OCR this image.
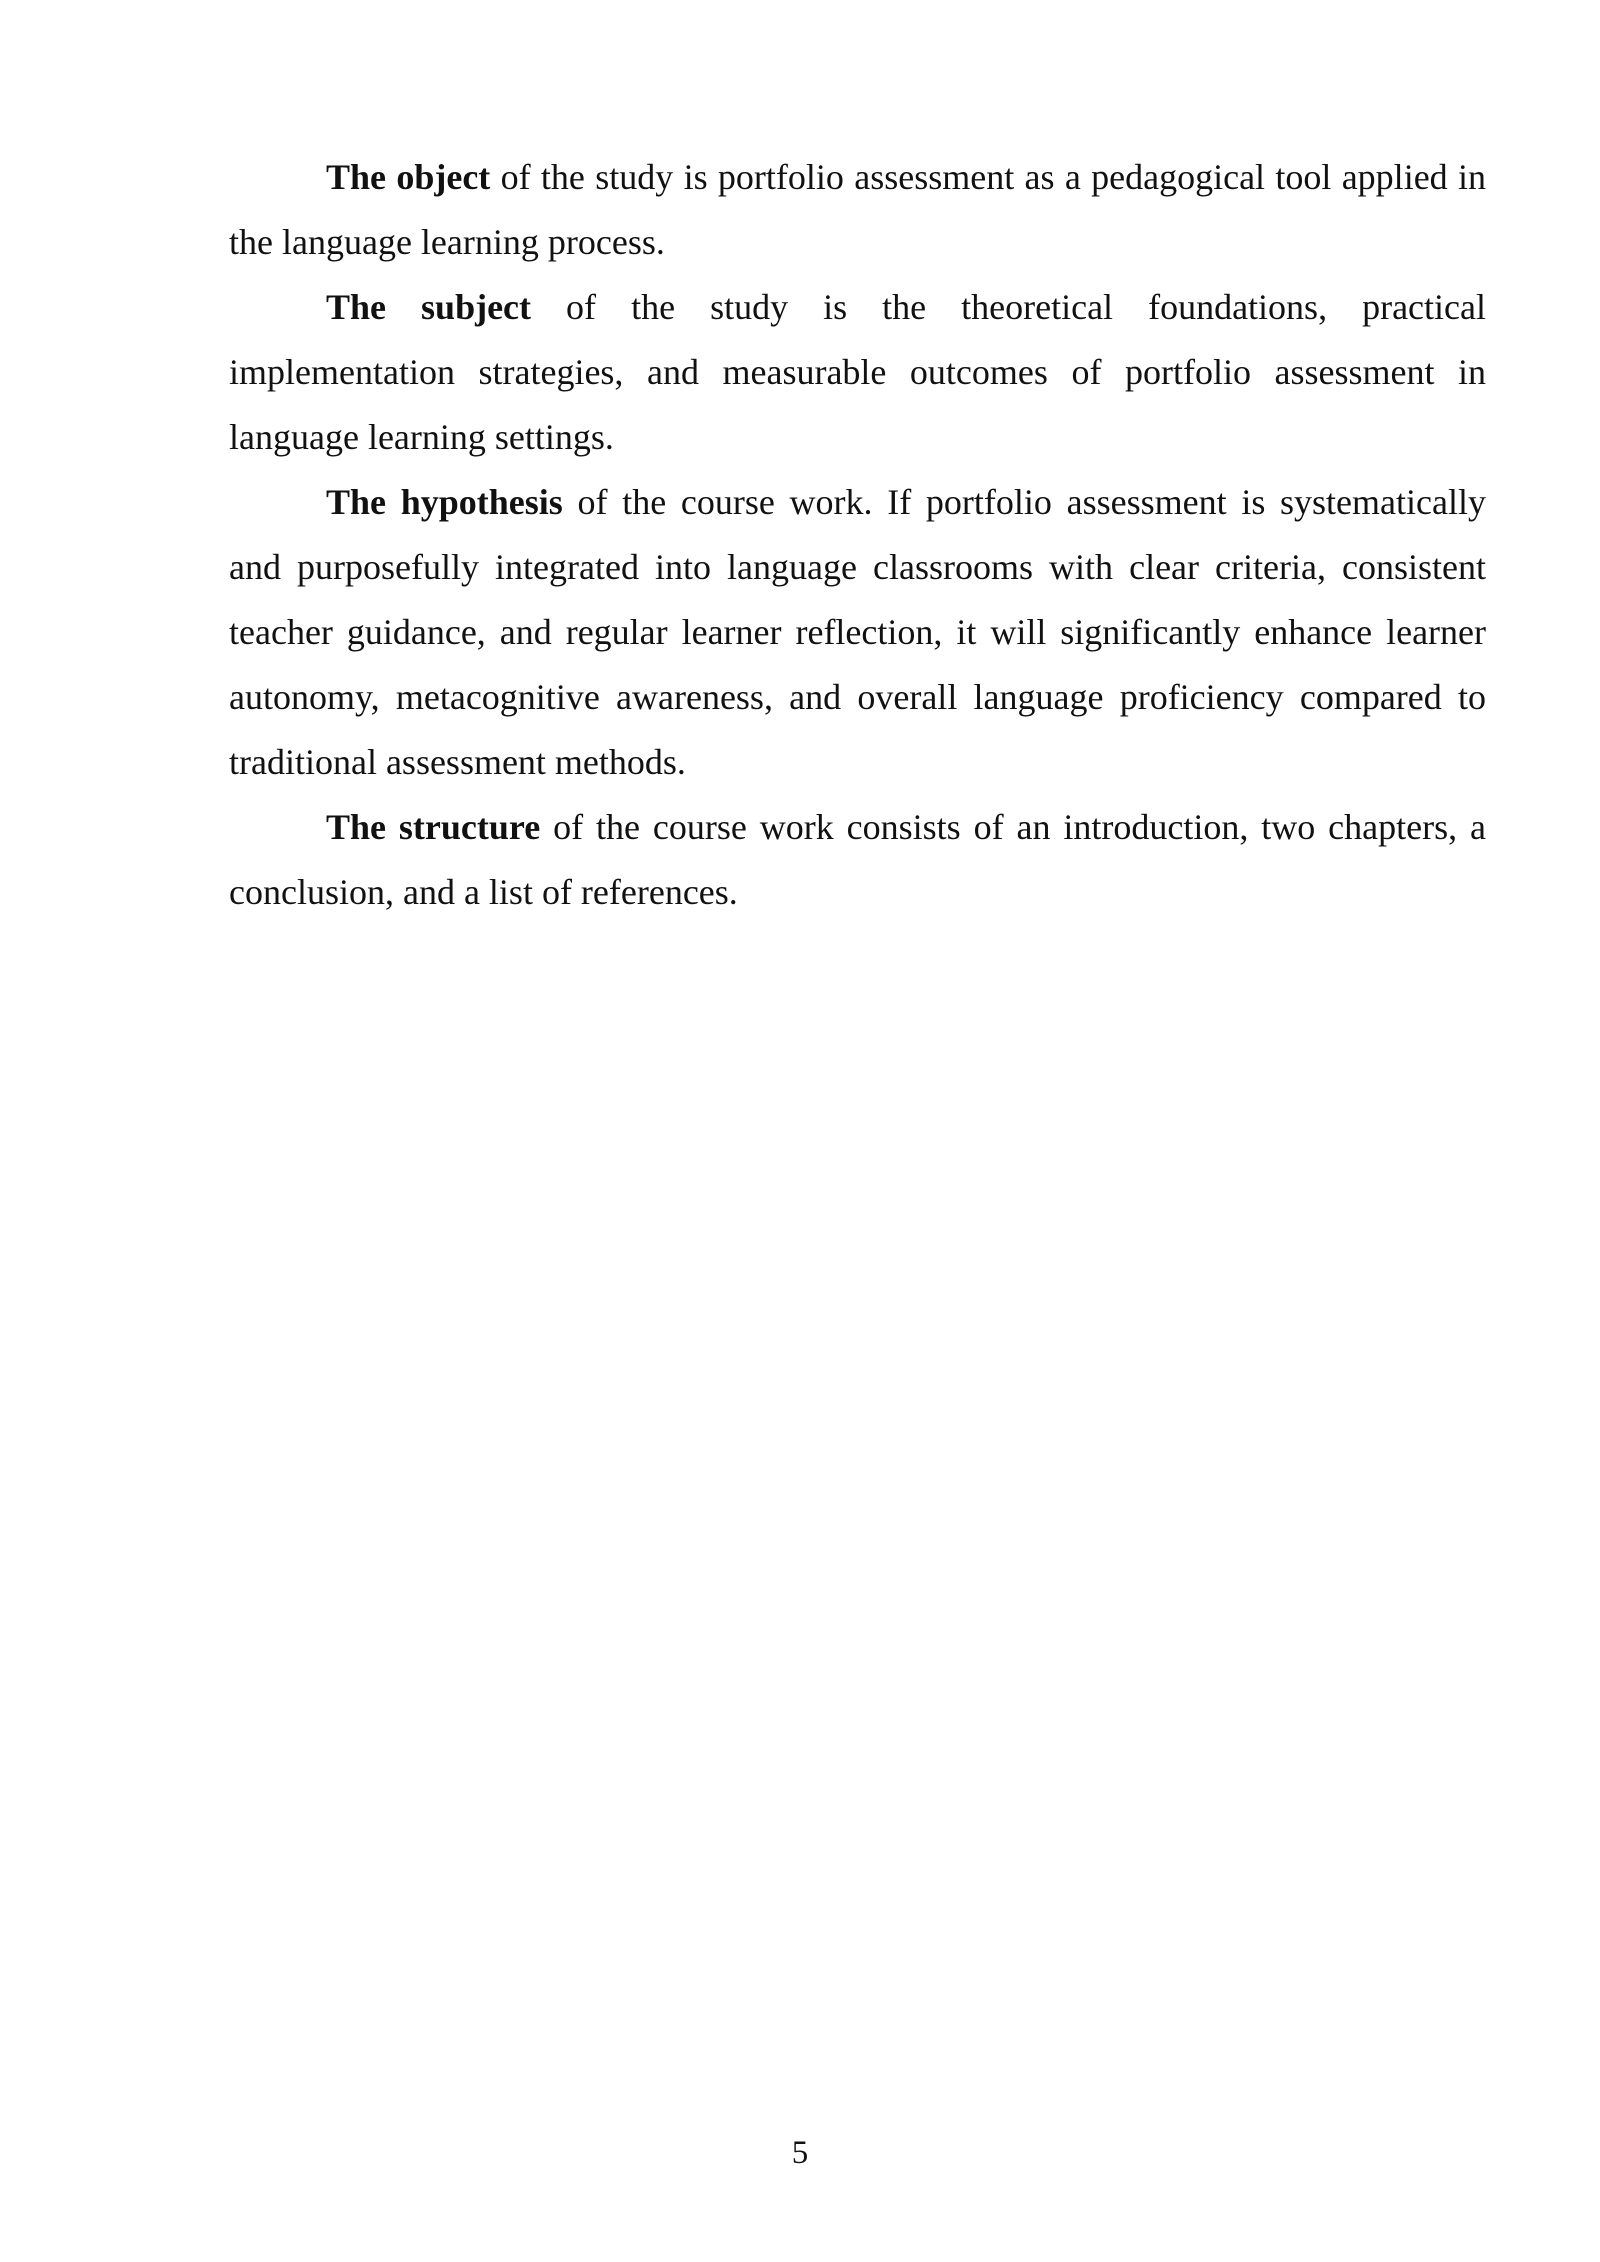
The object of the study is portfolio assessment as a pedagogical tool applied in the language learning process.

The subject of the study is the theoretical foundations, practical implementation strategies, and measurable outcomes of portfolio assessment in language learning settings.

The hypothesis of the course work. If portfolio assessment is systematically and purposefully integrated into language classrooms with clear criteria, consistent teacher guidance, and regular learner reflection, it will significantly enhance learner autonomy, metacognitive awareness, and overall language proficiency compared to traditional assessment methods.

The structure of the course work consists of an introduction, two chapters, a conclusion, and a list of references.

5
